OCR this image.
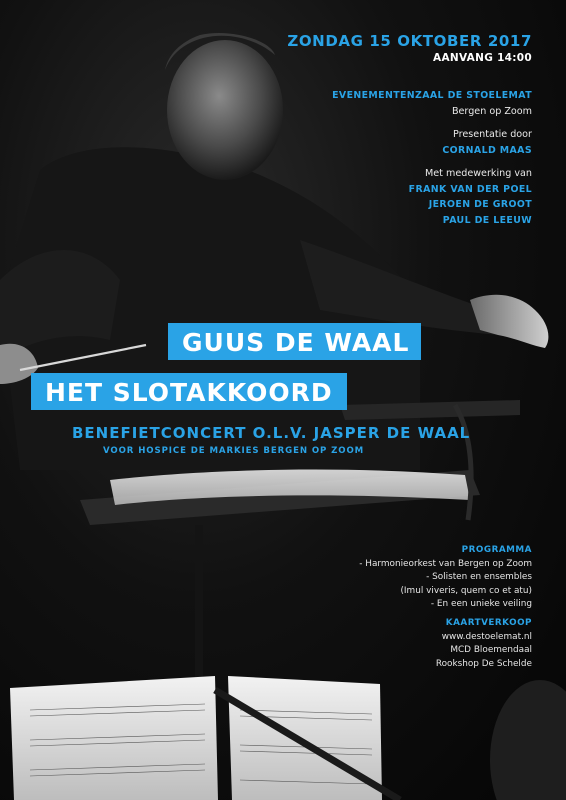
ZONDAG 15 OKTOBER 2017
AANVANG 14:00
EVENEMENTENZAAL DE STOELEMAT
Bergen op Zoom
Presentatie door
CORNALD MAAS
Met medewerking van
FRANK VAN DER POEL
JEROEN DE GROOT
PAUL DE LEEUW
GUUS DE WAAL
HET SLOTAKKOORD
BENEFIETCONCERT O.L.V. JASPER DE WAAL
VOOR HOSPICE DE MARKIES BERGEN OP ZOOM
PROGRAMMA
- Harmonieorkest van Bergen op Zoom
- Solisten en ensembles
(Imul viveris, quem co et atu)
- En een unieke veiling
KAARTVERKOOP
www.destoelemat.nl
MCD Bloemendaal
Rookshop De Schelde
